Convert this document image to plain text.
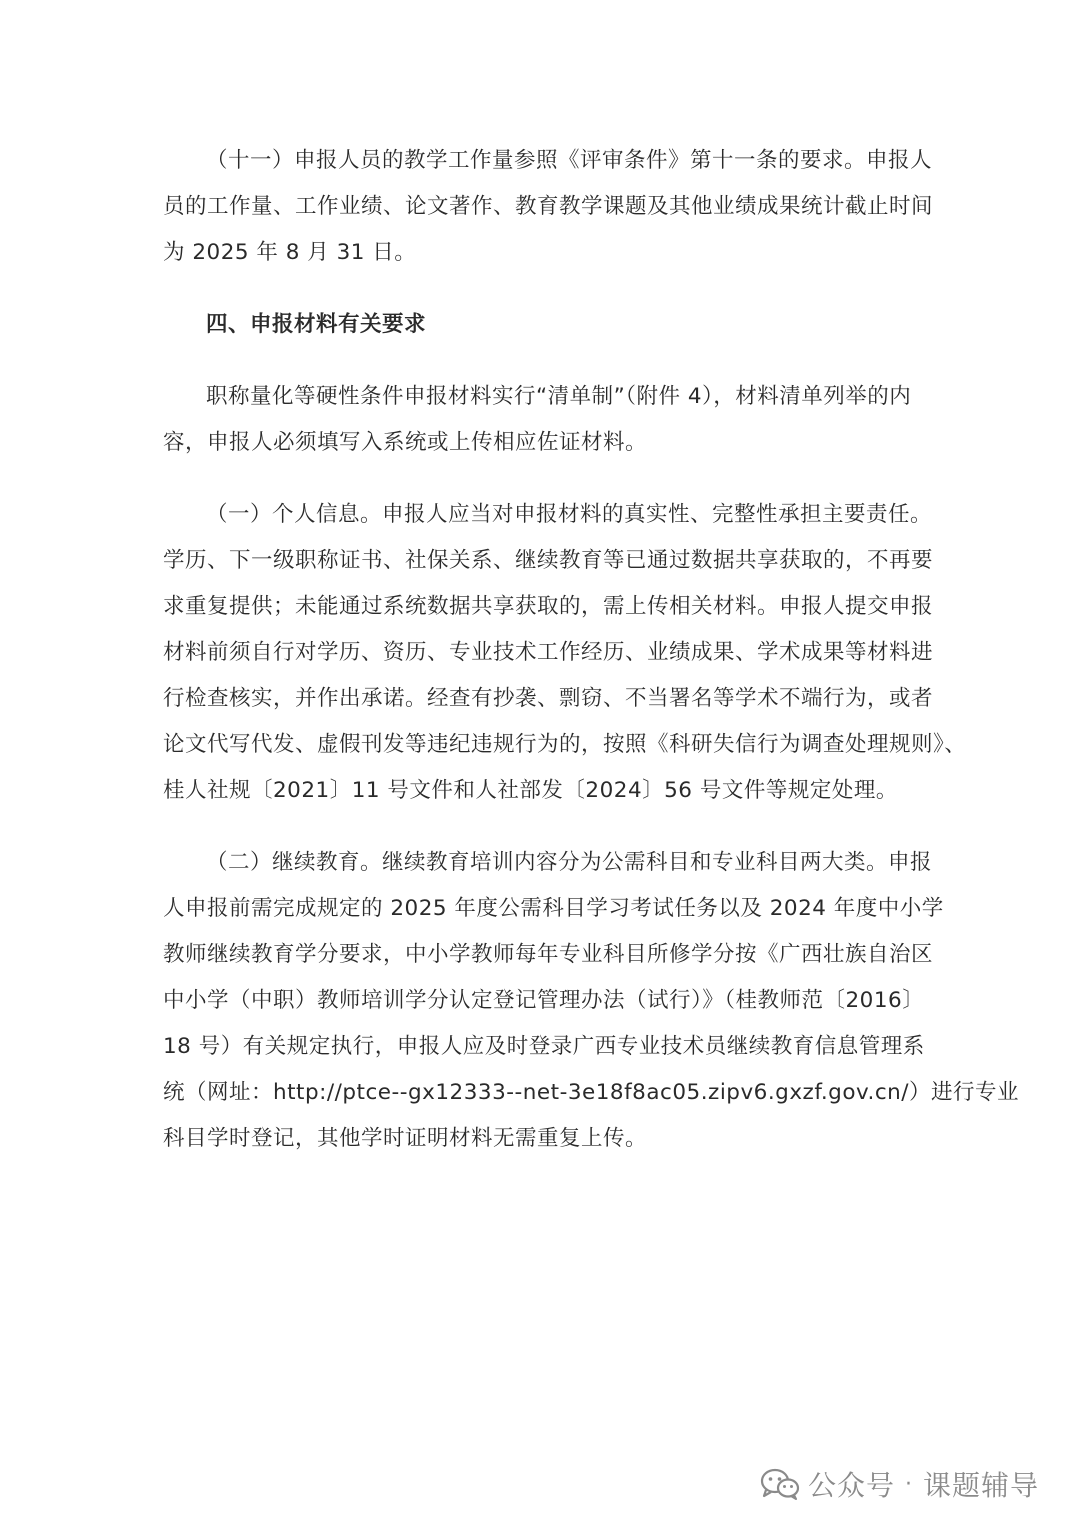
（十一）申报人员的教学工作量参照《评审条件》第十一条的要求。申报人
员的工作量、工作业绩、论文著作、教育教学课题及其他业绩成果统计截止时间
为 2025 年 8 月 31 日。

四、申报材料有关要求

职称量化等硬性条件申报材料实行“清单制”（附件 4），材料清单列举的内
容，申报人必须填写入系统或上传相应佐证材料。

（一）个人信息。申报人应当对申报材料的真实性、完整性承担主要责任。
学历、下一级职称证书、社保关系、继续教育等已通过数据共享获取的，不再要
求重复提供；未能通过系统数据共享获取的，需上传相关材料。申报人提交申报
材料前须自行对学历、资历、专业技术工作经历、业绩成果、学术成果等材料进
行检查核实，并作出承诺。经查有抄袭、剽窃、不当署名等学术不端行为，或者
论文代写代发、虚假刊发等违纪违规行为的，按照《科研失信行为调查处理规则》、
桂人社规〔2021〕11 号文件和人社部发〔2024〕56 号文件等规定处理。

（二）继续教育。继续教育培训内容分为公需科目和专业科目两大类。申报
人申报前需完成规定的 2025 年度公需科目学习考试任务以及 2024 年度中小学
教师继续教育学分要求，中小学教师每年专业科目所修学分按《广西壮族自治区
中小学（中职）教师培训学分认定登记管理办法（试行）》（桂教师范〔2016〕
18 号）有关规定执行，申报人应及时登录广西专业技术员继续教育信息管理系
统（网址：http://ptce--gx12333--net-3e18f8ac05.zipv6.gxzf.gov.cn/）进行专业
科目学时登记，其他学时证明材料无需重复上传。

公众号 · 课题辅导
